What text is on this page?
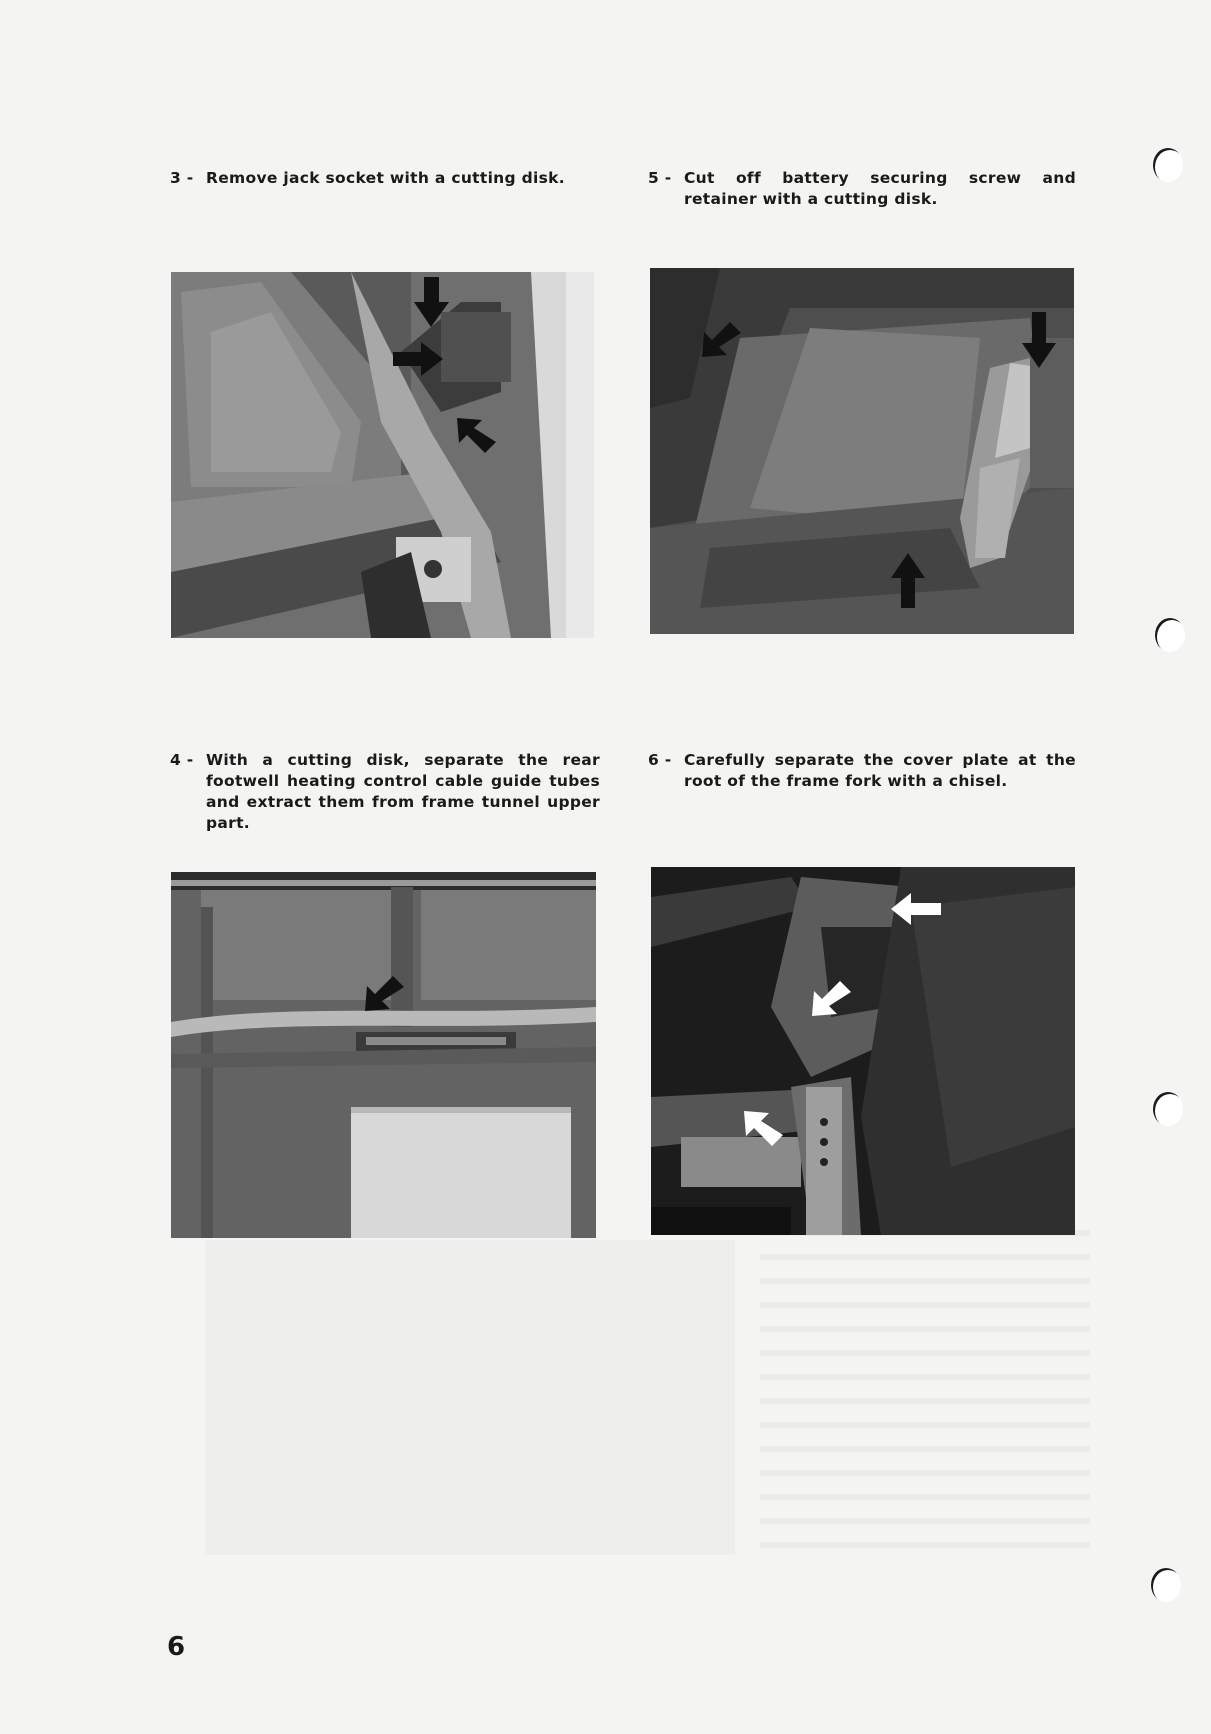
3 - Remove jack socket with a cutting disk.	5 - Cut off battery securing screw and retainer with a cutting disk.
4 - With a cutting disk, separate the rear footwell heating control cable guide tubes and extract them from frame tunnel upper part.
6 - Carefully separate the cover plate at the root of the frame fork with a chisel.
6
